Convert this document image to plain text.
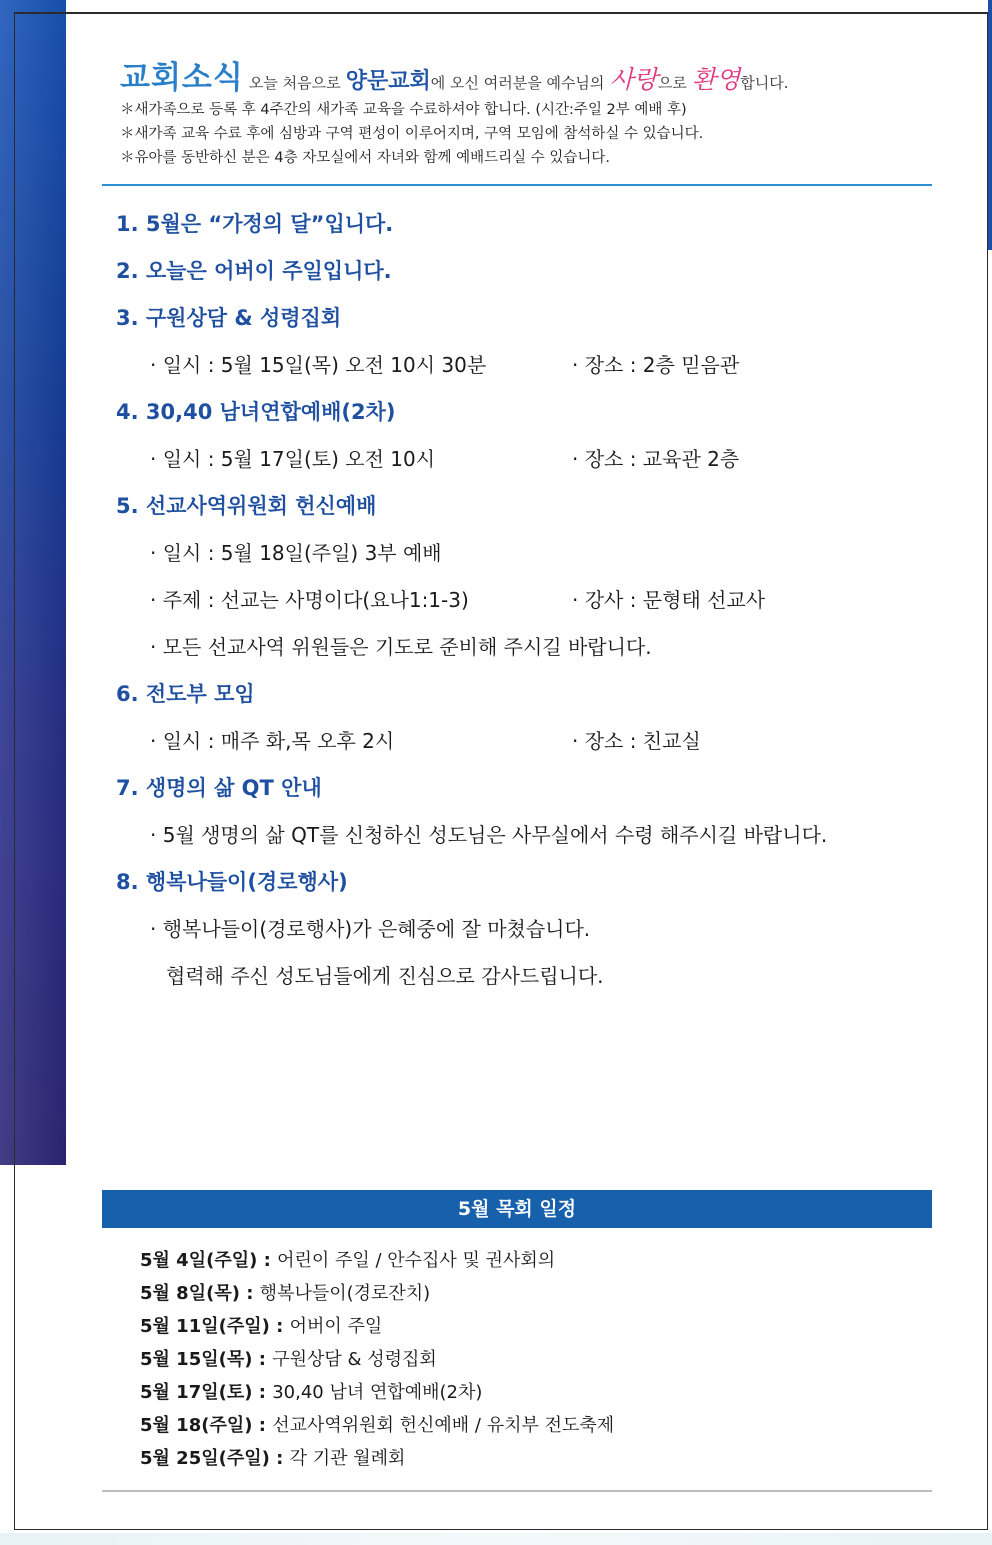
교회소식 오늘 처음으로 양문교회에 오신 여러분을 예수님의 사랑으로 환영합니다.
＊새가족으로 등록 후 4주간의 새가족 교육을 수료하셔야 합니다. (시간:주일 2부 예배 후)
＊새가족 교육 수료 후에 심방과 구역 편성이 이루어지며, 구역 모임에 참석하실 수 있습니다.
＊유아를 동반하신 분은 4층 자모실에서 자녀와 함께 예배드리실 수 있습니다.
1. 5월은 “가정의 달”입니다.
2. 오늘은 어버이 주일입니다.
3. 구원상담 & 성령집회
· 일시 : 5월 15일(목) 오전 10시 30분	· 장소 : 2층 믿음관
4. 30,40 남녀연합예배(2차)
· 일시 : 5월 17일(토) 오전 10시	· 장소 : 교육관 2층
5. 선교사역위원회 헌신예배
· 일시 : 5월 18일(주일) 3부 예배
· 주제 : 선교는 사명이다(요나1:1-3)	· 강사 : 문형태 선교사
· 모든 선교사역 위원들은 기도로 준비해 주시길 바랍니다.
6. 전도부 모임
· 일시 : 매주 화,목 오후 2시	· 장소 : 친교실
7. 생명의 삶 QT 안내
· 5월 생명의 삶 QT를 신청하신 성도님은 사무실에서 수령 해주시길 바랍니다.
8. 행복나들이(경로행사)
· 행복나들이(경로행사)가 은혜중에 잘 마쳤습니다.
협력해 주신 성도님들에게 진심으로 감사드립니다.
5월 목회 일정
5월 4일(주일) : 어린이 주일 / 안수집사 및 권사회의
5월 8일(목) : 행복나들이(경로잔치)
5월 11일(주일) : 어버이 주일
5월 15일(목) : 구원상담 & 성령집회
5월 17일(토) : 30,40 남녀 연합예배(2차)
5월 18(주일) : 선교사역위원회 헌신예배 / 유치부 전도축제
5월 25일(주일) : 각 기관 월례회
